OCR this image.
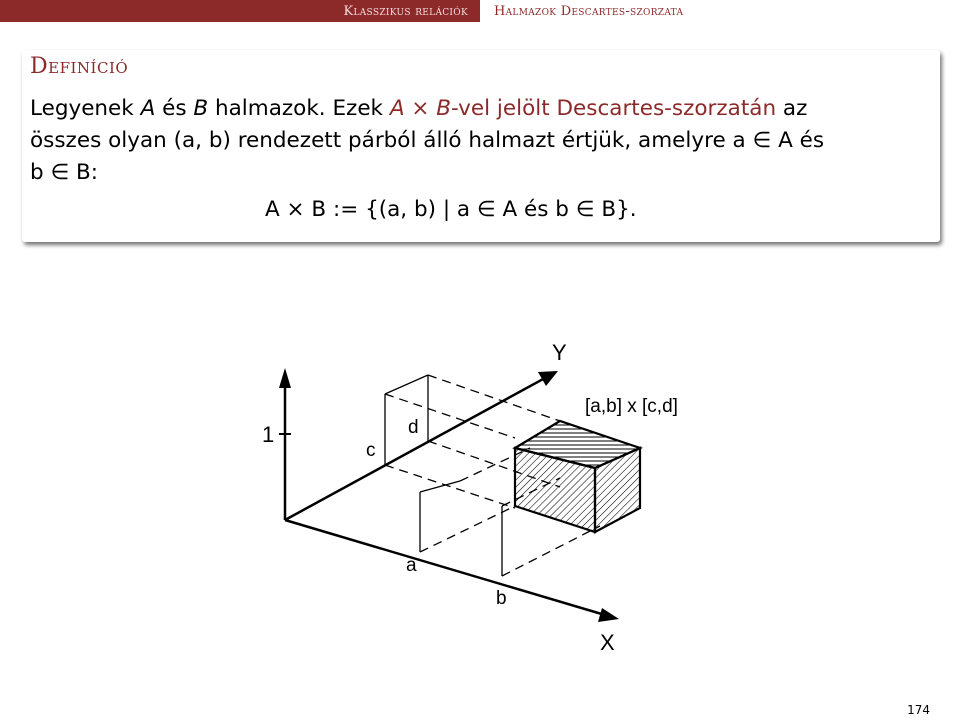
Klasszikus relációk	Halmazok Descartes-szorzata
Definíció
Legyenek A és B halmazok. Ezek A × B-vel jelölt Descartes-szorzatán az
összes olyan (a, b) rendezett párból álló halmazt értjük, amelyre a ∈ A és
b ∈ B:
A × B := {(a, b) | a ∈ A és b ∈ B}.
Y
X
1
c
d
a
b
[a,b] x [c,d]
174
